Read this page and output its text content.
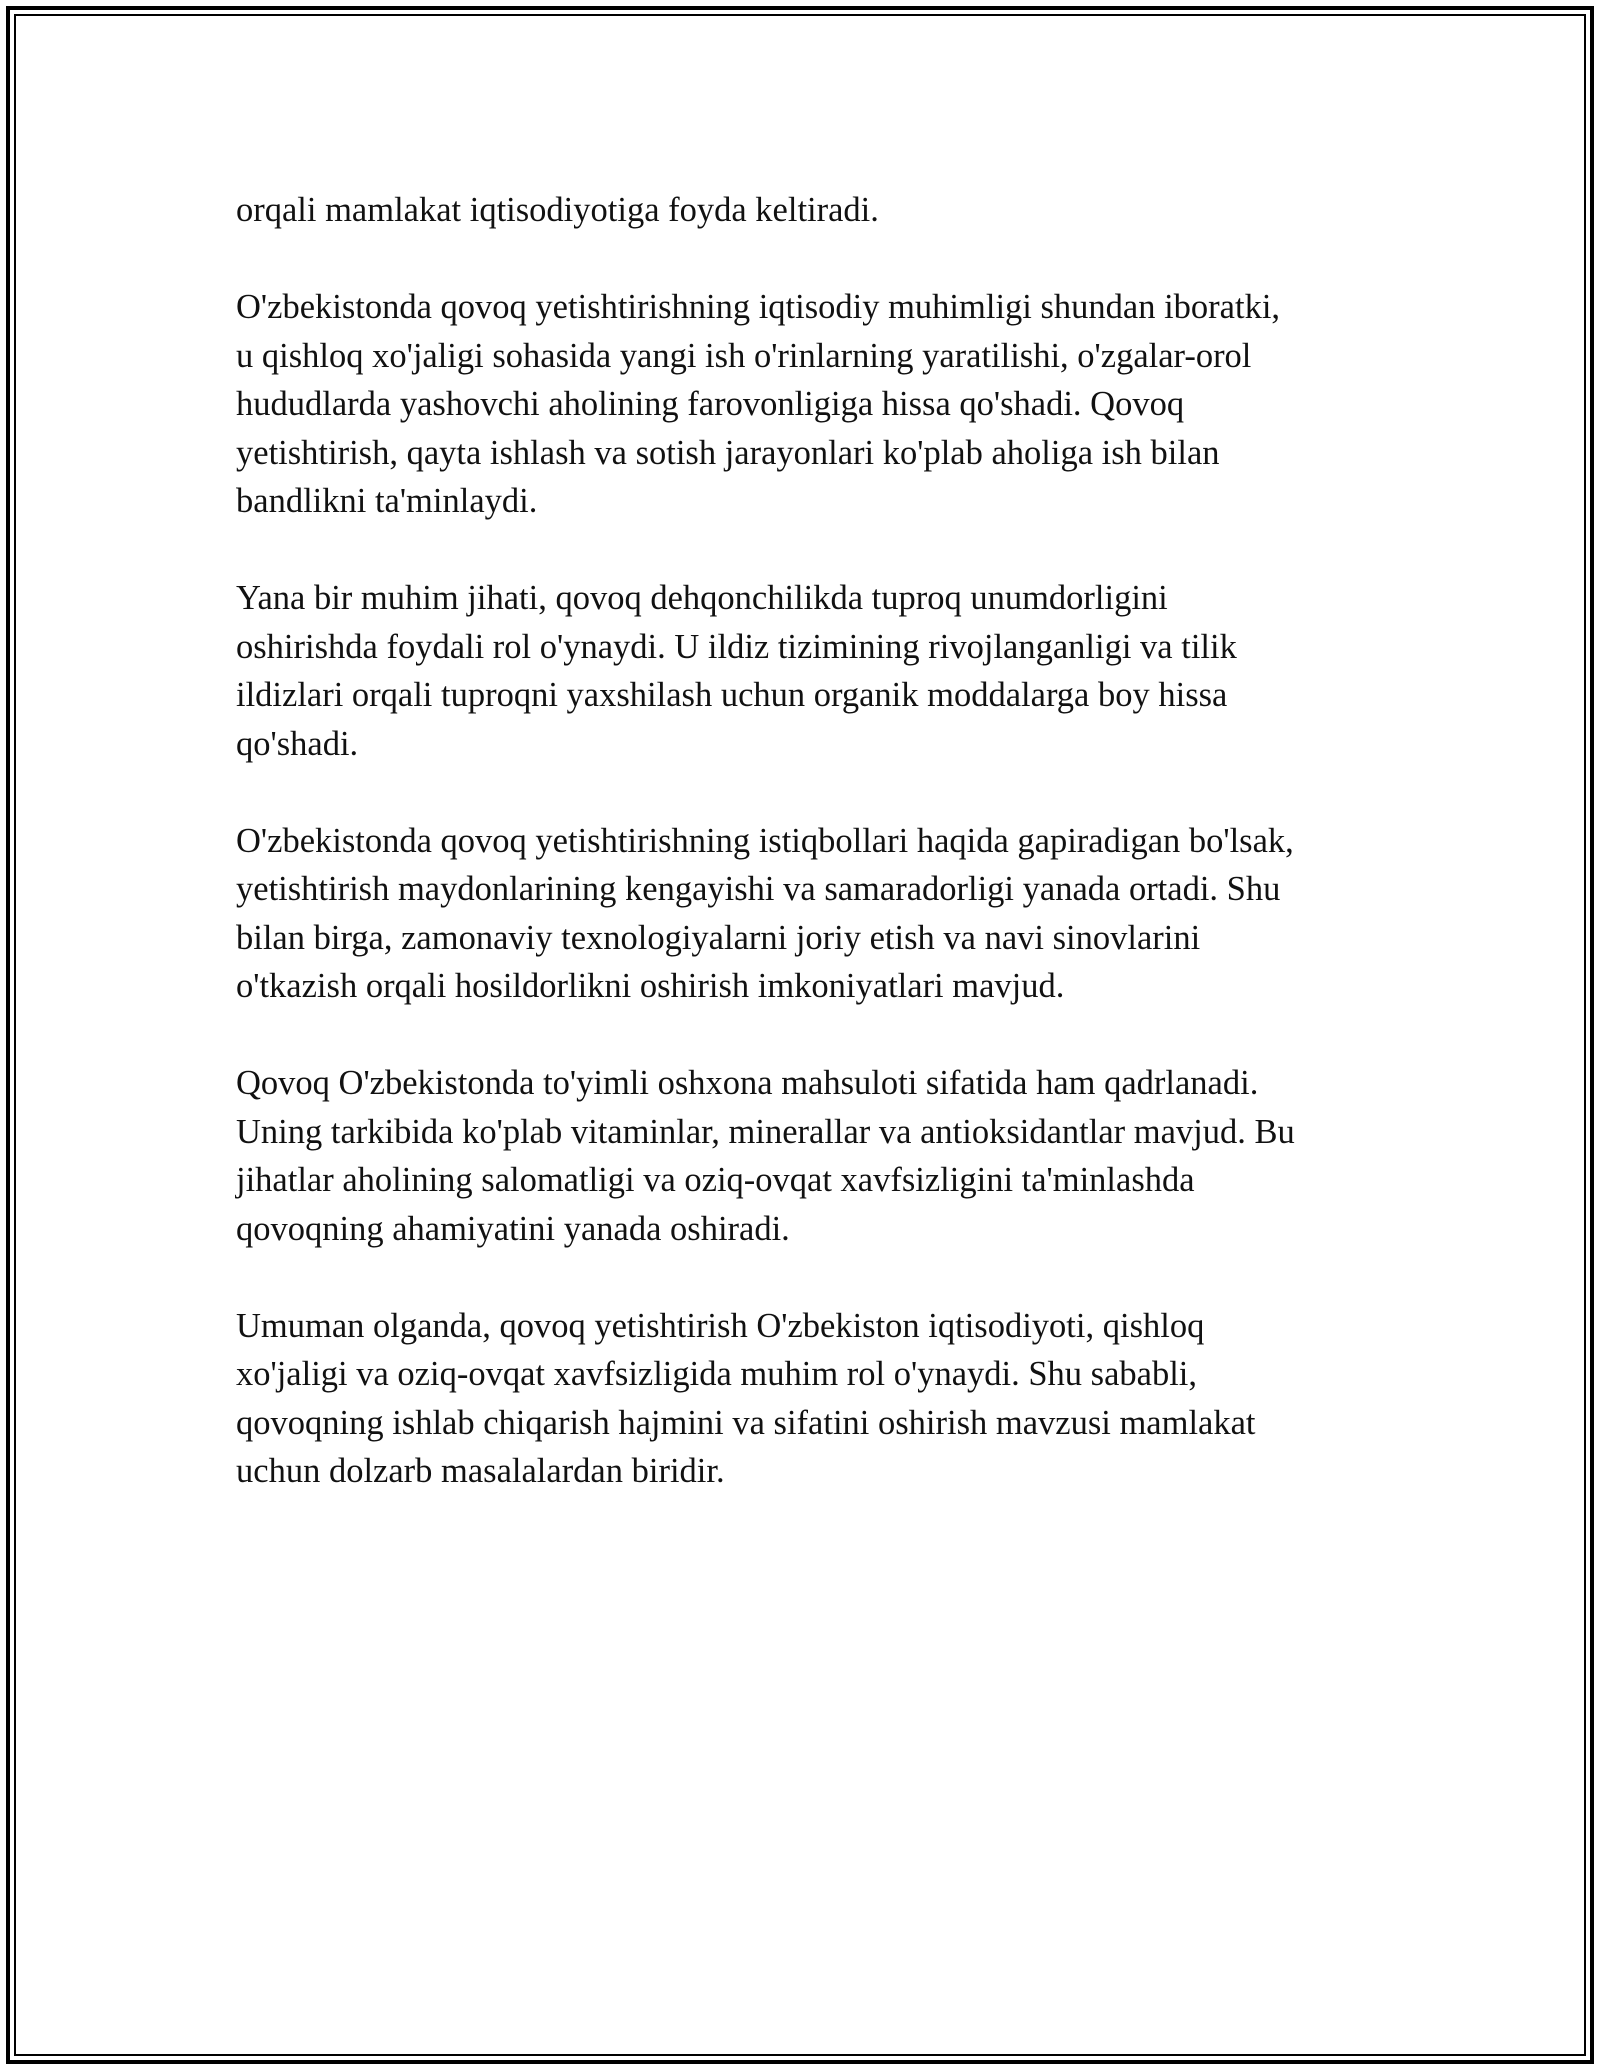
orqali mamlakat iqtisodiyotiga foyda keltiradi.

O'zbekistonda qovoq yetishtirishning iqtisodiy muhimligi shundan iboratki,
u qishloq xo'jaligi sohasida yangi ish o'rinlarning yaratilishi, o'zgalar-orol
hududlarda yashovchi aholining farovonligiga hissa qo'shadi. Qovoq
yetishtirish, qayta ishlash va sotish jarayonlari ko'plab aholiga ish bilan
bandlikni ta'minlaydi.

Yana bir muhim jihati, qovoq dehqonchilikda tuproq unumdorligini
oshirishda foydali rol o'ynaydi. U ildiz tizimining rivojlanganligi va tilik
ildizlari orqali tuproqni yaxshilash uchun organik moddalarga boy hissa
qo'shadi.

O'zbekistonda qovoq yetishtirishning istiqbollari haqida gapiradigan bo'lsak,
yetishtirish maydonlarining kengayishi va samaradorligi yanada ortadi. Shu
bilan birga, zamonaviy texnologiyalarni joriy etish va navi sinovlarini
o'tkazish orqali hosildorlikni oshirish imkoniyatlari mavjud.

Qovoq O'zbekistonda to'yimli oshxona mahsuloti sifatida ham qadrlanadi.
Uning tarkibida ko'plab vitaminlar, minerallar va antioksidantlar mavjud. Bu
jihatlar aholining salomatligi va oziq-ovqat xavfsizligini ta'minlashda
qovoqning ahamiyatini yanada oshiradi.

Umuman olganda, qovoq yetishtirish O'zbekiston iqtisodiyoti, qishloq
xo'jaligi va oziq-ovqat xavfsizligida muhim rol o'ynaydi. Shu sababli,
qovoqning ishlab chiqarish hajmini va sifatini oshirish mavzusi mamlakat
uchun dolzarb masalalardan biridir.
